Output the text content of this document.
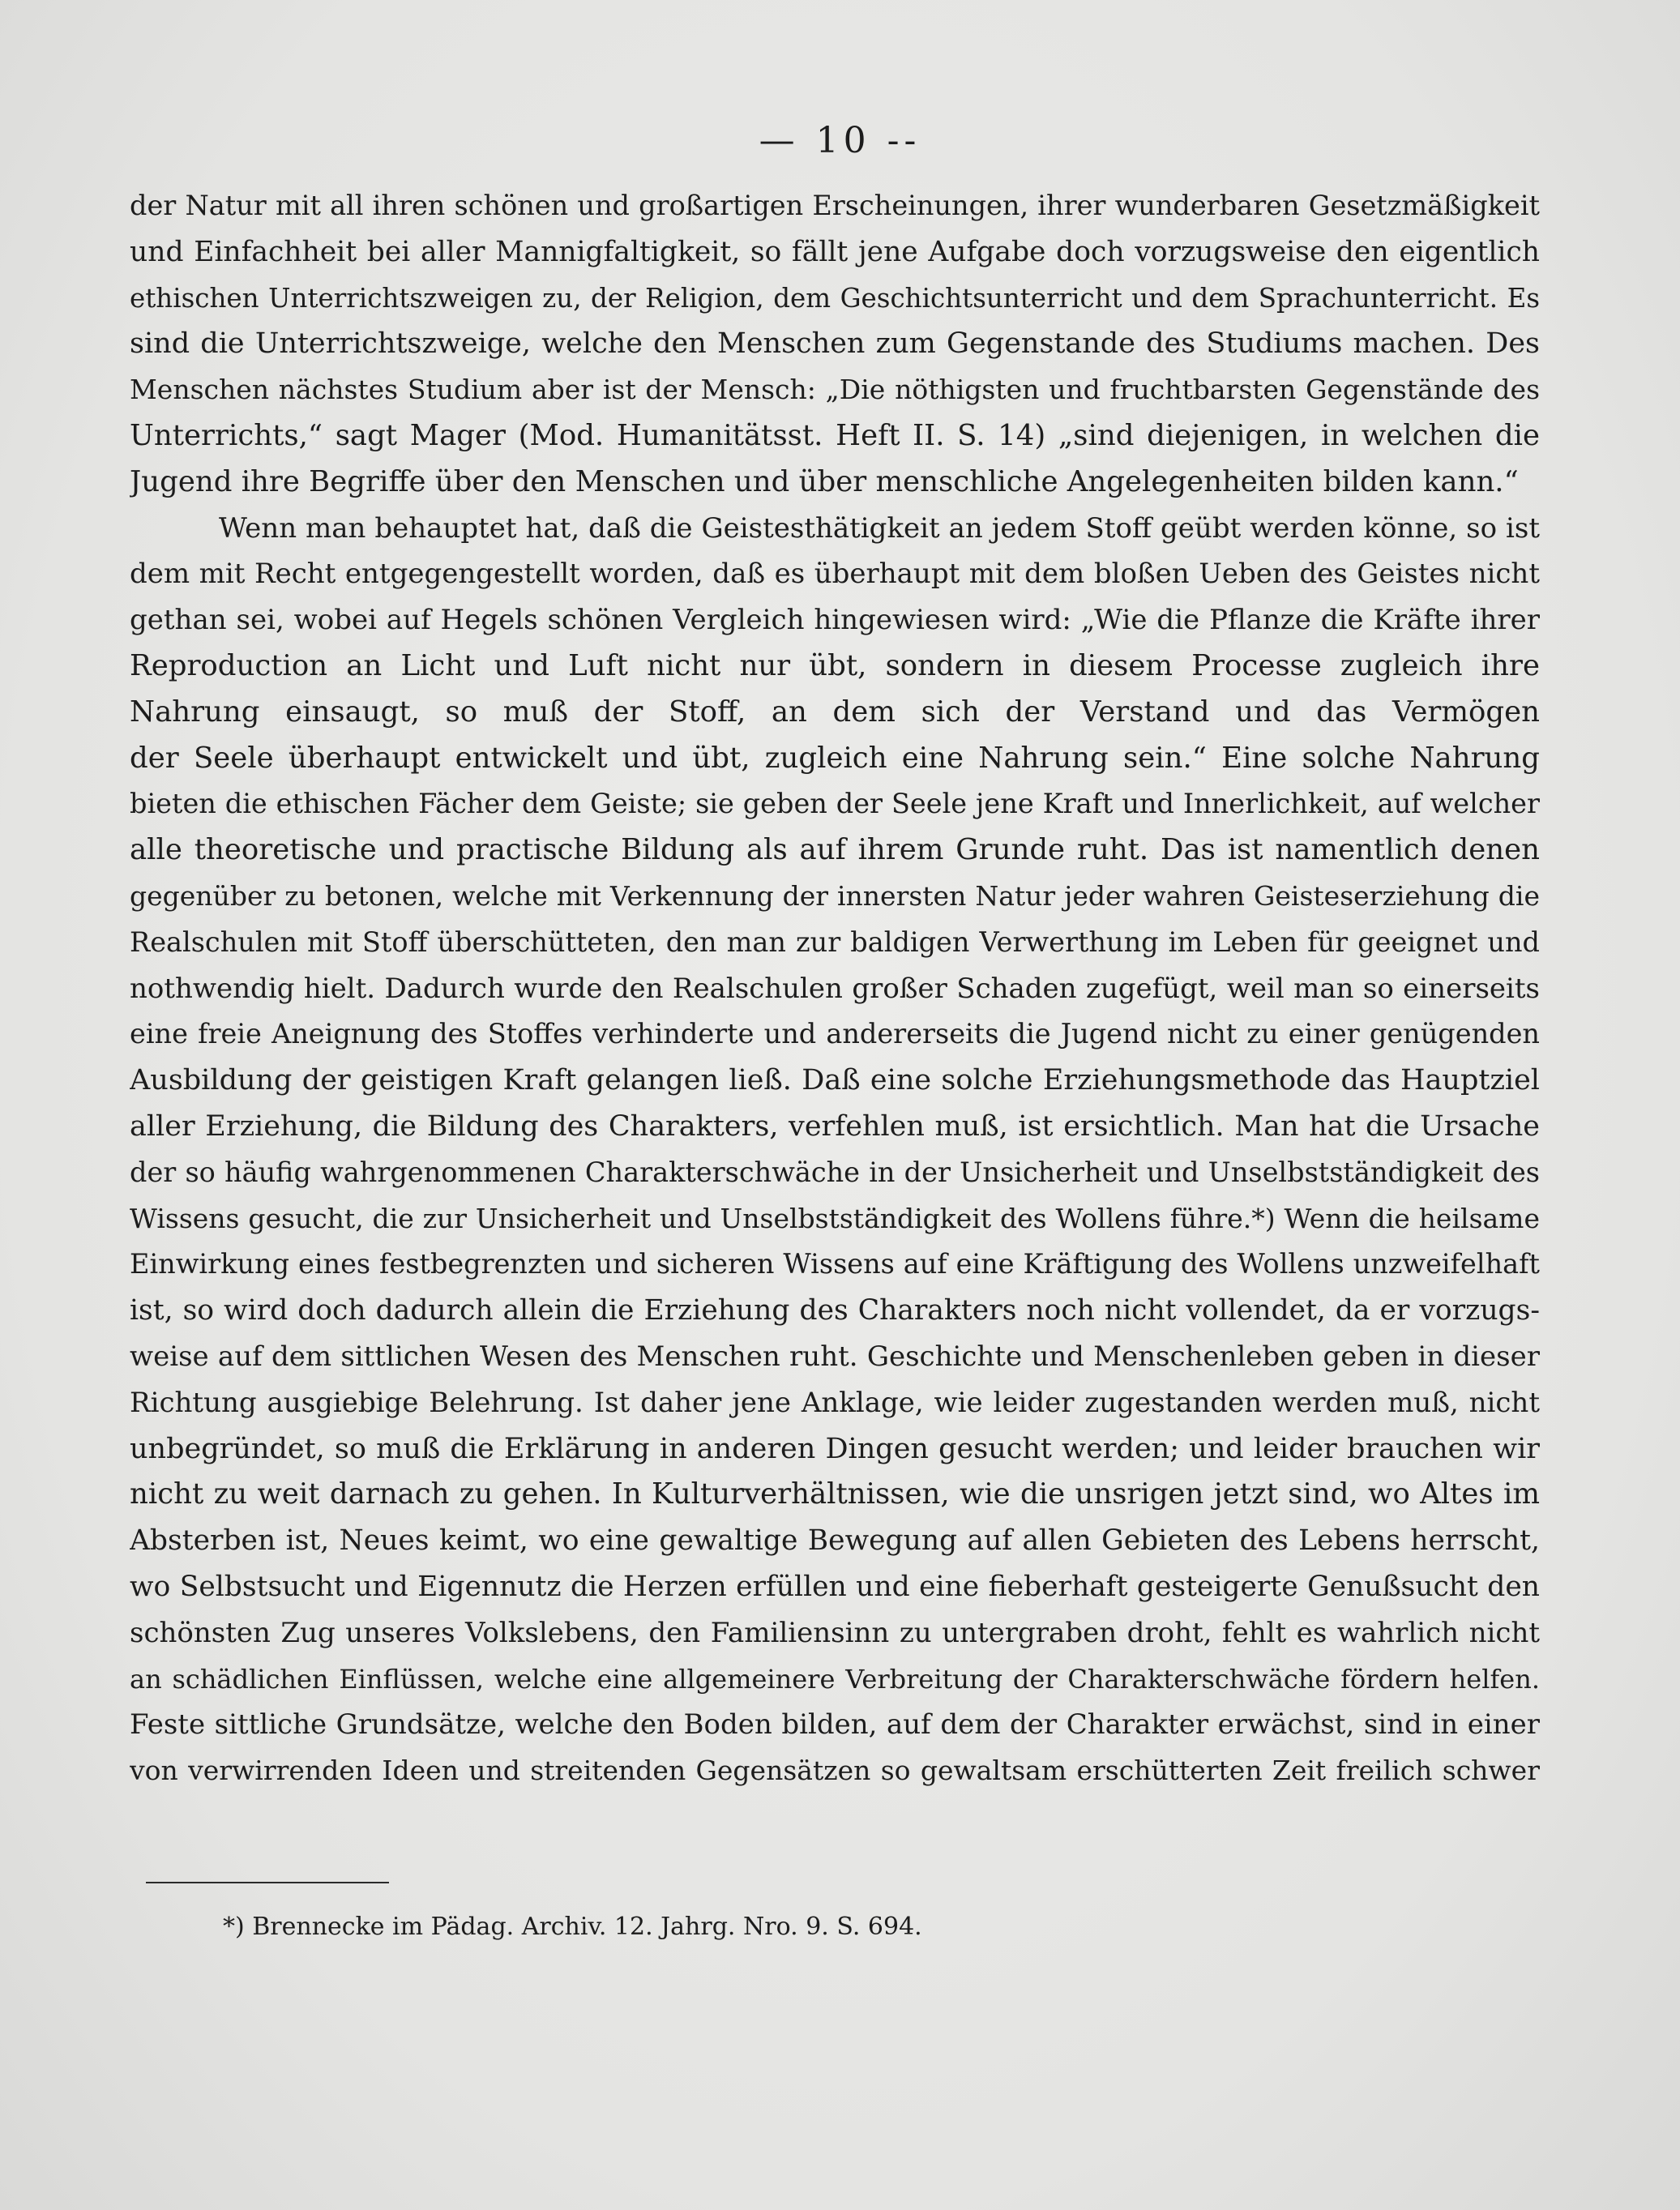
— 10 --
der Natur mit all ihren schönen und großartigen Erscheinungen, ihrer wunderbaren Gesetzmäßigkeit
und Einfachheit bei aller Mannigfaltigkeit, so fällt jene Aufgabe doch vorzugsweise den eigentlich
ethischen Unterrichtszweigen zu, der Religion, dem Geschichtsunterricht und dem Sprachunterricht. Es
sind die Unterrichtszweige, welche den Menschen zum Gegenstande des Studiums machen. Des
Menschen nächstes Studium aber ist der Mensch: „Die nöthigsten und fruchtbarsten Gegenstände des
Unterrichts,“ sagt Mager (Mod. Humanitätsst. Heft II. S. 14) „sind diejenigen, in welchen die
Jugend ihre Begriffe über den Menschen und über menschliche Angelegenheiten bilden kann.“
Wenn man behauptet hat, daß die Geistesthätigkeit an jedem Stoff geübt werden könne, so ist
dem mit Recht entgegengestellt worden, daß es überhaupt mit dem bloßen Ueben des Geistes nicht
gethan sei, wobei auf Hegels schönen Vergleich hingewiesen wird: „Wie die Pflanze die Kräfte ihrer
Reproduction an Licht und Luft nicht nur übt, sondern in diesem Processe zugleich ihre
Nahrung einsaugt, so muß der Stoff, an dem sich der Verstand und das Vermögen
der Seele überhaupt entwickelt und übt, zugleich eine Nahrung sein.“ Eine solche Nahrung
bieten die ethischen Fächer dem Geiste; sie geben der Seele jene Kraft und Innerlichkeit, auf welcher
alle theoretische und practische Bildung als auf ihrem Grunde ruht. Das ist namentlich denen
gegenüber zu betonen, welche mit Verkennung der innersten Natur jeder wahren Geisteserziehung die
Realschulen mit Stoff überschütteten, den man zur baldigen Verwerthung im Leben für geeignet und
nothwendig hielt. Dadurch wurde den Realschulen großer Schaden zugefügt, weil man so einerseits
eine freie Aneignung des Stoffes verhinderte und andererseits die Jugend nicht zu einer genügenden
Ausbildung der geistigen Kraft gelangen ließ. Daß eine solche Erziehungsmethode das Hauptziel
aller Erziehung, die Bildung des Charakters, verfehlen muß, ist ersichtlich. Man hat die Ursache
der so häufig wahrgenommenen Charakterschwäche in der Unsicherheit und Unselbstständigkeit des
Wissens gesucht, die zur Unsicherheit und Unselbstständigkeit des Wollens führe.*) Wenn die heilsame
Einwirkung eines festbegrenzten und sicheren Wissens auf eine Kräftigung des Wollens unzweifelhaft
ist, so wird doch dadurch allein die Erziehung des Charakters noch nicht vollendet, da er vorzugs-
weise auf dem sittlichen Wesen des Menschen ruht. Geschichte und Menschenleben geben in dieser
Richtung ausgiebige Belehrung. Ist daher jene Anklage, wie leider zugestanden werden muß, nicht
unbegründet, so muß die Erklärung in anderen Dingen gesucht werden; und leider brauchen wir
nicht zu weit darnach zu gehen. In Kulturverhältnissen, wie die unsrigen jetzt sind, wo Altes im
Absterben ist, Neues keimt, wo eine gewaltige Bewegung auf allen Gebieten des Lebens herrscht,
wo Selbstsucht und Eigennutz die Herzen erfüllen und eine fieberhaft gesteigerte Genußsucht den
schönsten Zug unseres Volkslebens, den Familiensinn zu untergraben droht, fehlt es wahrlich nicht
an schädlichen Einflüssen, welche eine allgemeinere Verbreitung der Charakterschwäche fördern helfen.
Feste sittliche Grundsätze, welche den Boden bilden, auf dem der Charakter erwächst, sind in einer
von verwirrenden Ideen und streitenden Gegensätzen so gewaltsam erschütterten Zeit freilich schwer
*) Brennecke im Pädag. Archiv. 12. Jahrg. Nro. 9. S. 694.
